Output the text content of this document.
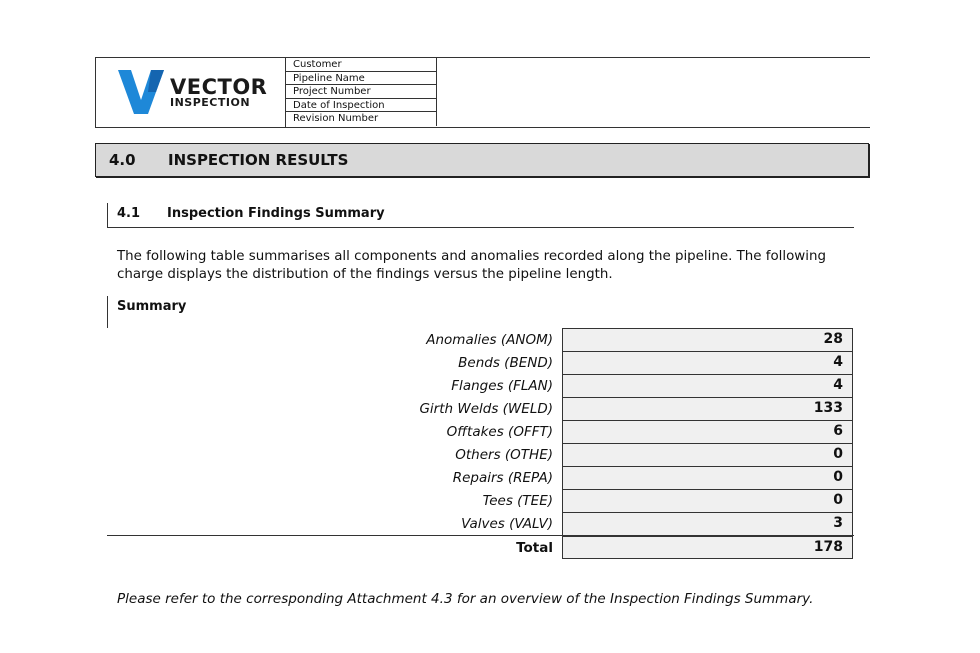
VECTOR
INSPECTION
Customer
Pipeline Name
Project Number
Date of Inspection
Revision Number
4.0 INSPECTION RESULTS
4.1 Inspection Findings Summary
The following table summarises all components and anomalies recorded along the pipeline. The following charge displays the distribution of the findings versus the pipeline length.
Summary
Anomalies (ANOM)	28
Bends (BEND)	4
Flanges (FLAN)	4
Girth Welds (WELD)	133
Offtakes (OFFT)	6
Others (OTHE)	0
Repairs (REPA)	0
Tees (TEE)	0
Valves (VALV)	3
Total	178
Please refer to the corresponding Attachment 4.3 for an overview of the Inspection Findings Summary.
